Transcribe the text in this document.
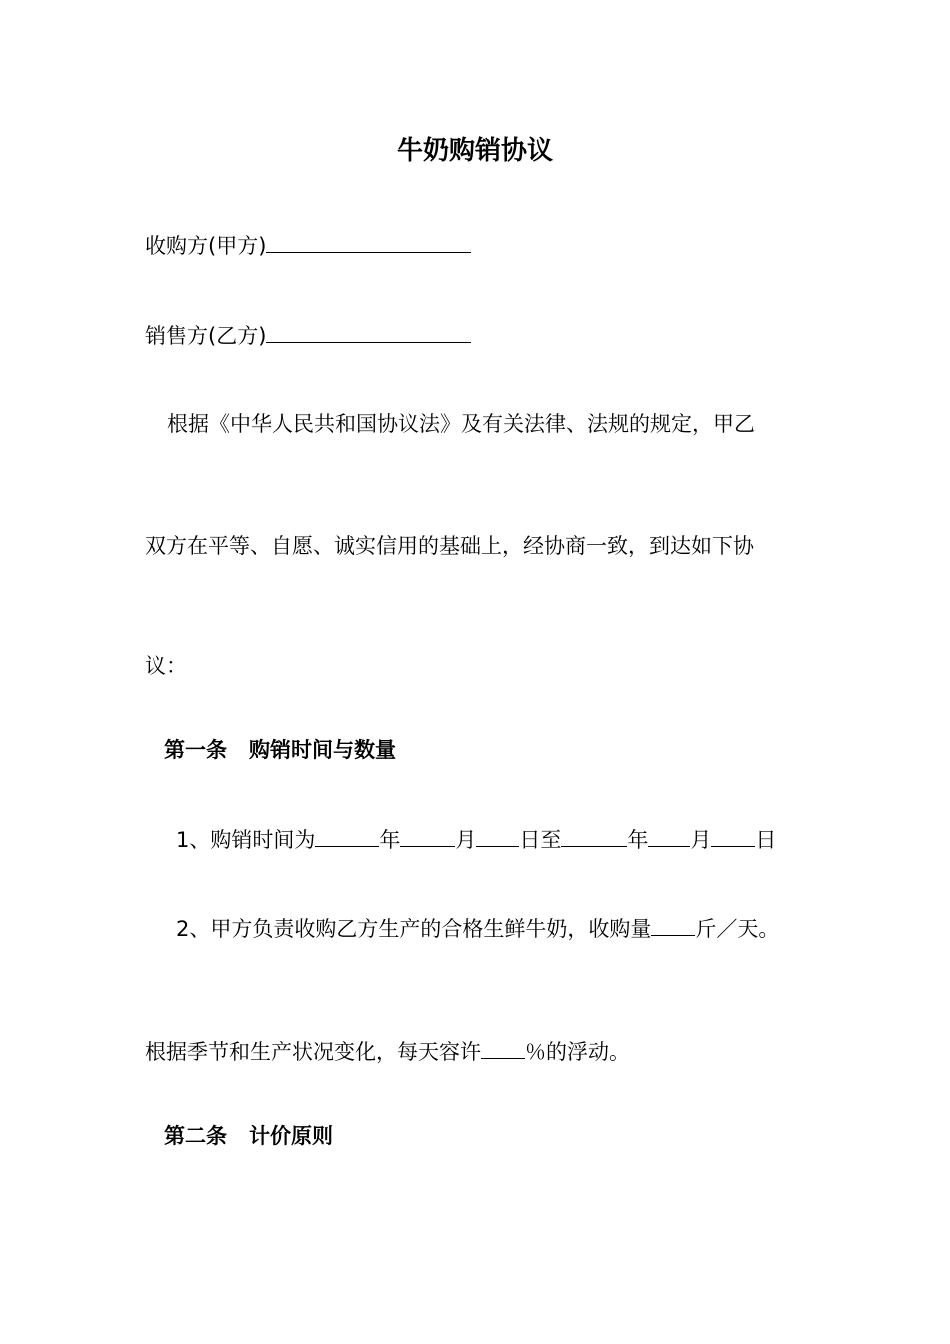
牛奶购销协议
收购方(甲方)
销售方(乙方)
根据《中华人民共和国协议法》及有关法律、法规的规定，甲乙
双方在平等、自愿、诚实信用的基础上，经协商一致，到达如下协
议：
第一条 购销时间与数量
1、购销时间为	年	月 日至	年 月 日
2、甲方负责收购乙方生产的合格生鲜牛奶，收购量 斤／天。
根据季节和生产状况变化，每天容许 ％的浮动。
第二条 计价原则
